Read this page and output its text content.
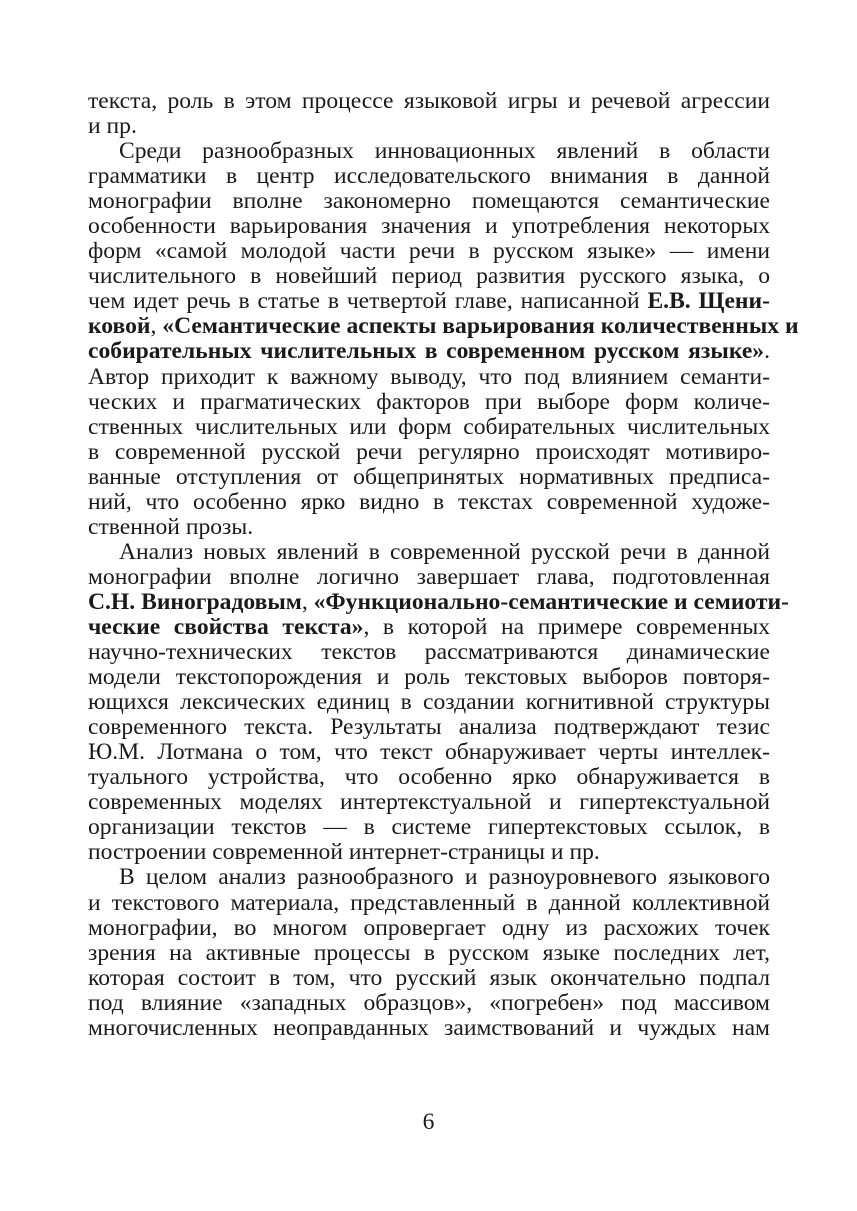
текста, роль в этом процессе языковой игры и речевой агрессии
и пр.
Среди разнообразных инновационных явлений в области
грамматики в центр исследовательского внимания в данной
монографии вполне закономерно помещаются семантические
особенности варьирования значения и употребления некоторых
форм «самой молодой части речи в русском языке» — имени
числительного в новейший период развития русского языка, о
чем идет речь в статье в четвертой главе, написанной Е.В. Щени-
ковой, «Семантические аспекты варьирования количественных и
собирательных числительных в современном русском языке».
Автор приходит к важному выводу, что под влиянием семанти-
ческих и прагматических факторов при выборе форм количе-
ственных числительных или форм собирательных числительных
в современной русской речи регулярно происходят мотивиро-
ванные отступления от общепринятых нормативных предписа-
ний, что особенно ярко видно в текстах современной художе-
ственной прозы.
Анализ новых явлений в современной русской речи в данной
монографии вполне логично завершает глава, подготовленная
С.Н. Виноградовым, «Функционально-семантические и семиоти-
ческие свойства текста», в которой на примере современных
научно-технических текстов рассматриваются динамические
модели текстопорождения и роль текстовых выборов повторя-
ющихся лексических единиц в создании когнитивной структуры
современного текста. Результаты анализа подтверждают тезис
Ю.М. Лотмана о том, что текст обнаруживает черты интеллек-
туального устройства, что особенно ярко обнаруживается в
современных моделях интертекстуальной и гипертекстуальной
организации текстов — в системе гипертекстовых ссылок, в
построении современной интернет-страницы и пр.
В целом анализ разнообразного и разноуровневого языкового
и текстового материала, представленный в данной коллективной
монографии, во многом опровергает одну из расхожих точек
зрения на активные процессы в русском языке последних лет,
которая состоит в том, что русский язык окончательно подпал
под влияние «западных образцов», «погребен» под массивом
многочисленных неоправданных заимствований и чуждых нам
6
